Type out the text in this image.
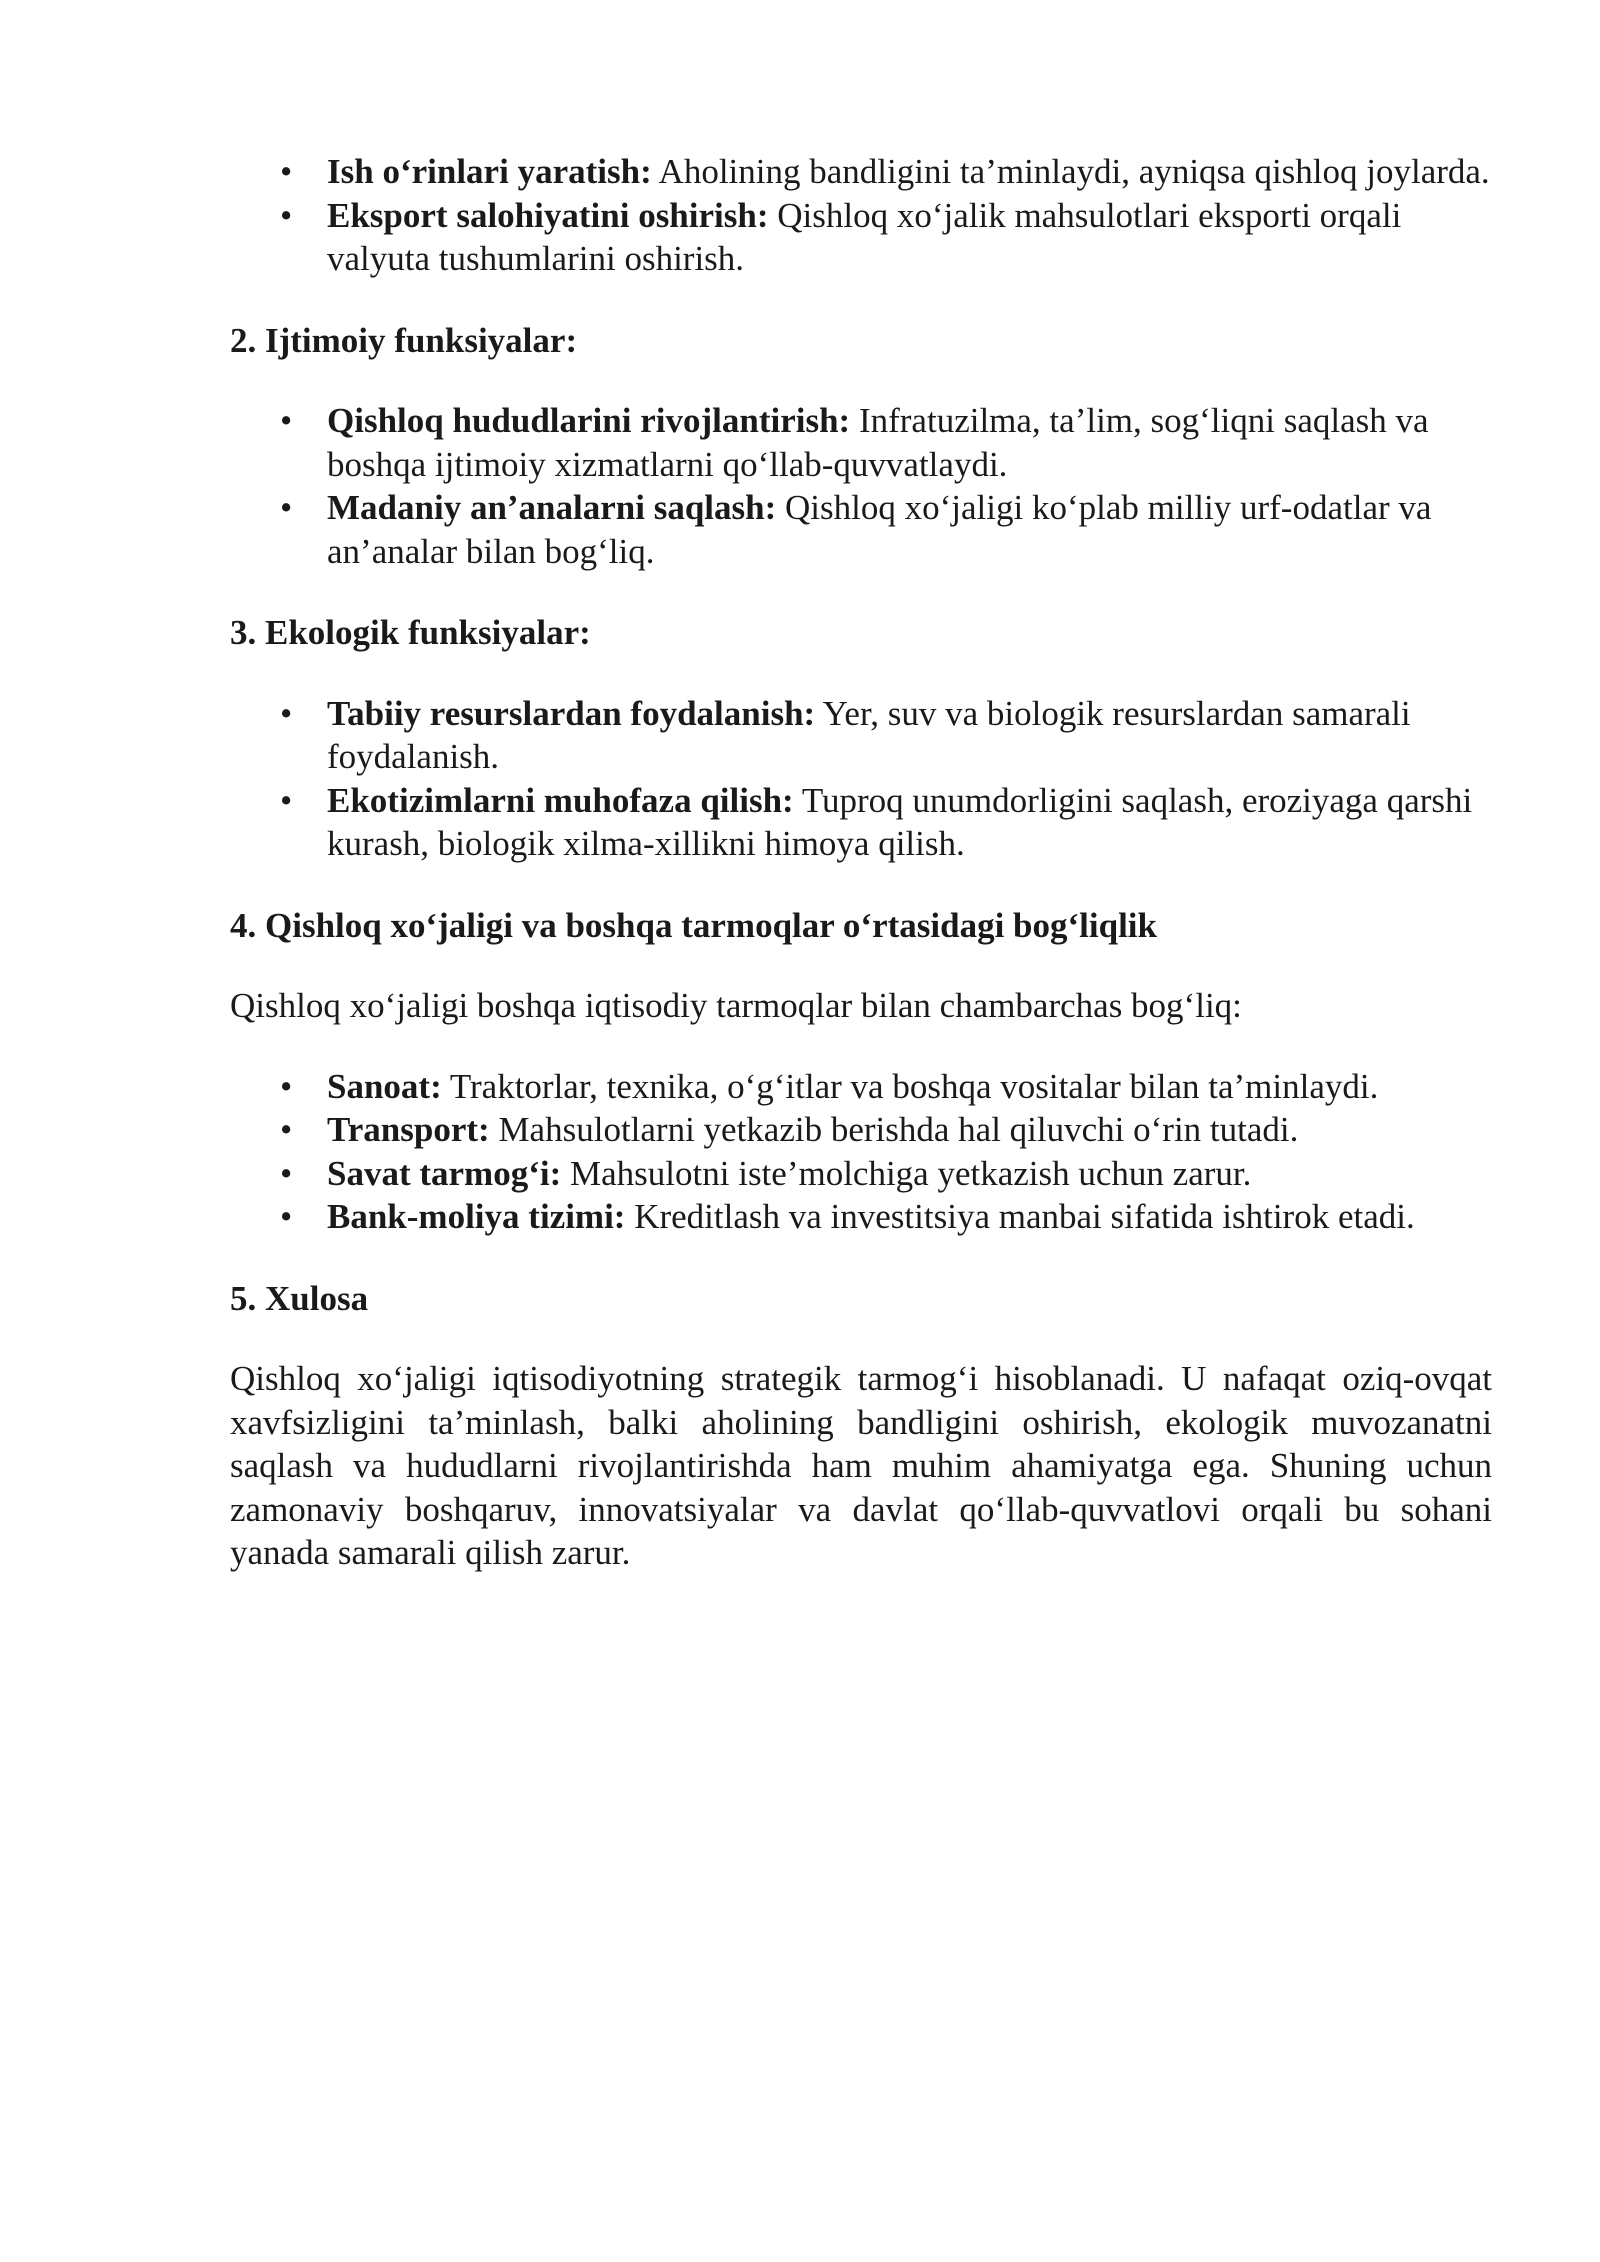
• Ish o‘rinlari yaratish: Aholining bandligini ta’minlaydi, ayniqsa qishloq joylarda.
• Eksport salohiyatini oshirish: Qishloq xo‘jalik mahsulotlari eksporti orqali valyuta tushumlarini oshirish.
2. Ijtimoiy funksiyalar:
• Qishloq hududlarini rivojlantirish: Infratuzilma, ta’lim, sog‘liqni saqlash va boshqa ijtimoiy xizmatlarni qo‘llab-quvvatlaydi.
• Madaniy an’analarni saqlash: Qishloq xo‘jaligi ko‘plab milliy urf-odatlar va an’analar bilan bog‘liq.
3. Ekologik funksiyalar:
• Tabiiy resurslardan foydalanish: Yer, suv va biologik resurslardan samarali foydalanish.
• Ekotizimlarni muhofaza qilish: Tuproq unumdorligini saqlash, eroziyaga qarshi kurash, biologik xilma-xillikni himoya qilish.
4. Qishloq xo‘jaligi va boshqa tarmoqlar o‘rtasidagi bog‘liqlik

Qishloq xo‘jaligi boshqa iqtisodiy tarmoqlar bilan chambarchas bog‘liq:

• Sanoat: Traktorlar, texnika, o‘g‘itlar va boshqa vositalar bilan ta’minlaydi.
• Transport: Mahsulotlarni yetkazib berishda hal qiluvchi o‘rin tutadi.
• Savat tarmog‘i: Mahsulotni iste’molchiga yetkazish uchun zarur.
• Bank-moliya tizimi: Kreditlash va investitsiya manbai sifatida ishtirok etadi.
5. Xulosa

Qishloq xo‘jaligi iqtisodiyotning strategik tarmog‘i hisoblanadi. U nafaqat oziq-ovqat xavfsizligini ta’minlash, balki aholining bandligini oshirish, ekologik muvozanatni saqlash va hududlarni rivojlantirishda ham muhim ahamiyatga ega. Shuning uchun zamonaviy boshqaruv, innovatsiyalar va davlat qo‘llab-quvvatlovi orqali bu sohani yanada samarali qilish zarur.
